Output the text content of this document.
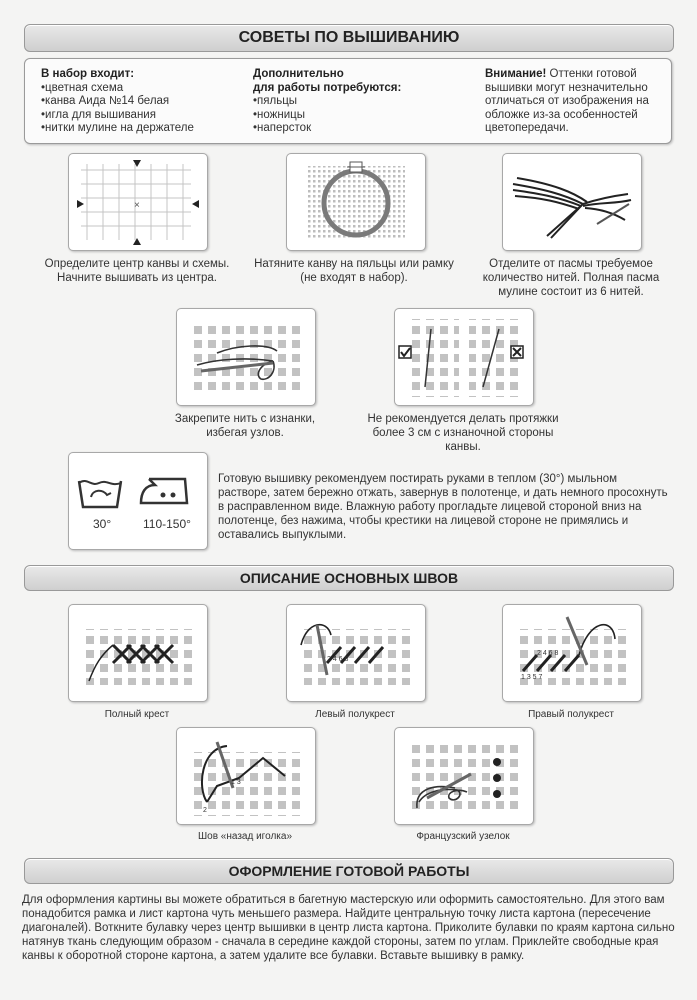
СОВЕТЫ ПО ВЫШИВАНИЮ
В набор входит:
• цветная схема
• канва Аида №14 белая
• игла для вышивания
• нитки мулине на держателе
Дополнительно
для работы потребуются:
• пяльцы
• ножницы
• наперсток
Внимание! Оттенки готовой вышивки могут незначительно отличаться от изображения на обложке из-за особенностей цветопередачи.
×
Определите центр канвы и схемы.
Начните вышивать из центра.
Натяните канву на пяльцы или рамку
(не входят в набор).
Отделите от пасмы требуемое
количество нитей. Полная пасма
мулине состоит из 6 нитей.
Закрепите нить с изнанки,
избегая узлов.
Не рекомендуется делать протяжки
более 3 см с изнаночной стороны
канвы.
30°	110-150°
Готовую вышивку рекомендуем постирать руками в теплом (30°) мыльном растворе, затем бережно отжать, завернув в полотенце, и дать немного просохнуть в расправленном виде. Влажную работу прогладьте лицевой стороной вниз на полотенце, без нажима, чтобы крестики на лицевой стороне не примялись и оставались выпуклыми.
ОПИСАНИЕ ОСНОВНЫХ ШВОВ
Полный крест
2 4 6 8
Левый полукрест
2 4 6 8
1 3 5 7
Правый полукрест
2
1 3
Шов «назад иголка»	Французский узелок
ОФОРМЛЕНИЕ ГОТОВОЙ РАБОТЫ
Для оформления картины вы можете обратиться в багетную мастерскую или оформить самостоятельно. Для этого вам понадобится рамка и лист картона чуть меньшего размера. Найдите центральную точку листа картона (пересечение диагоналей). Воткните булавку через центр вышивки в центр листа картона. Приколите булавки по краям картона сильно натянув ткань следующим образом - сначала в середине каждой стороны, затем по углам. Приклейте свободные края канвы к оборотной стороне картона, а затем удалите все булавки. Вставьте вышивку в рамку.
